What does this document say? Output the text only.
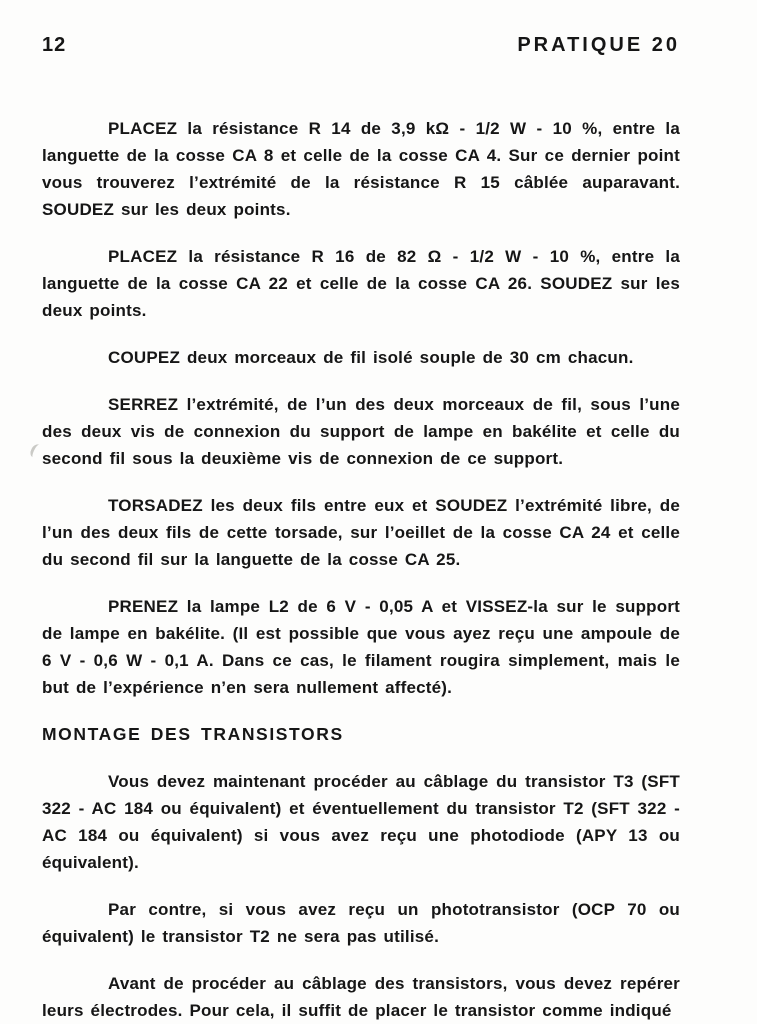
12	PRATIQUE 20

PLACEZ la résistance R 14 de 3,9 kΩ - 1/2 W - 10 %, entre la languette de la cosse CA 8 et celle de la cosse CA 4. Sur ce dernier point vous trouverez l’extrémité de la résistance R 15 câblée auparavant. SOUDEZ sur les deux points.

PLACEZ la résistance R 16 de 82 Ω - 1/2 W - 10 %, entre la languette de la cosse CA 22 et celle de la cosse CA 26. SOUDEZ sur les deux points.

COUPEZ deux morceaux de fil isolé souple de 30 cm chacun.

SERREZ l’extrémité, de l’un des deux morceaux de fil, sous l’une des deux vis de connexion du support de lampe en bakélite et celle du second fil sous la deuxième vis de connexion de ce support.

TORSADEZ les deux fils entre eux et SOUDEZ l’extrémité libre, de l’un des deux fils de cette torsade, sur l’oeillet de la cosse CA 24 et celle du second fil sur la languette de la cosse CA 25.

PRENEZ la lampe L2 de 6 V - 0,05 A et VISSEZ-la sur le support de lampe en bakélite. (Il est possible que vous ayez reçu une ampoule de 6 V - 0,6 W - 0,1 A. Dans ce cas, le filament rougira simplement, mais le but de l’expérience n’en sera nullement affecté).

MONTAGE DES TRANSISTORS

Vous devez maintenant procéder au câblage du transistor T3 (SFT 322 - AC 184 ou équivalent) et éventuellement du transistor T2 (SFT 322 - AC 184 ou équivalent) si vous avez reçu une photodiode (APY 13 ou équivalent).

Par contre, si vous avez reçu un phototransistor (OCP 70 ou équivalent) le transistor T2 ne sera pas utilisé.

Avant de procéder au câblage des transistors, vous devez repérer leurs électrodes. Pour cela, il suffit de placer le transistor comme indiqué
